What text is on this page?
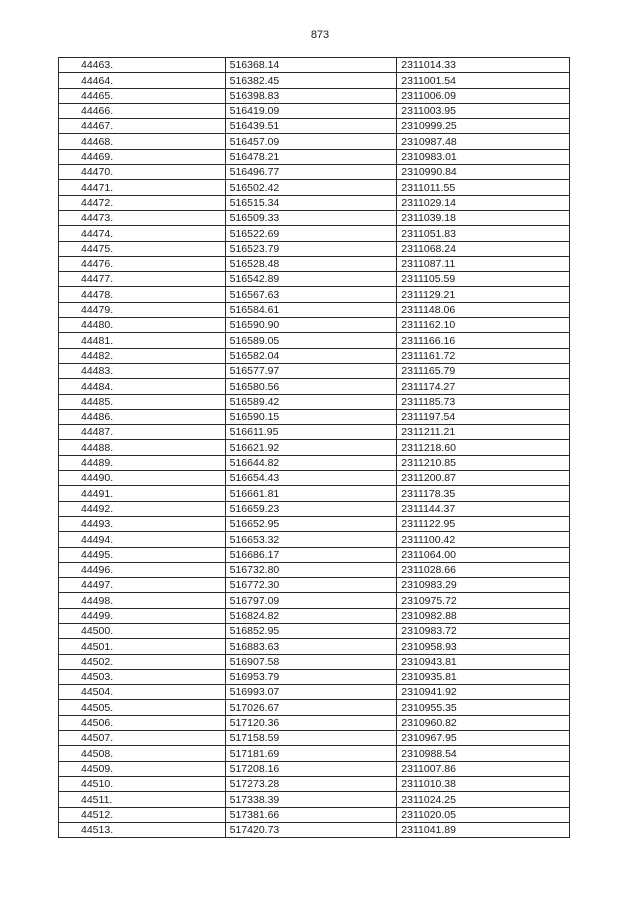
873
44463.	516368.14	2311014.33
44464.	516382.45	2311001.54
44465.	516398.83	2311006.09
44466.	516419.09	2311003.95
44467.	516439.51	2310999.25
44468.	516457.09	2310987.48
44469.	516478.21	2310983.01
44470.	516496.77	2310990.84
44471.	516502.42	2311011.55
44472.	516515.34	2311029.14
44473.	516509.33	2311039.18
44474.	516522.69	2311051.83
44475.	516523.79	2311068.24
44476.	516528.48	2311087.11
44477.	516542.89	2311105.59
44478.	516567.63	2311129.21
44479.	516584.61	2311148.06
44480.	516590.90	2311162.10
44481.	516589.05	2311166.16
44482.	516582.04	2311161.72
44483.	516577.97	2311165.79
44484.	516580.56	2311174.27
44485.	516589.42	2311185.73
44486.	516590.15	2311197.54
44487.	516611.95	2311211.21
44488.	516621.92	2311218.60
44489.	516644.82	2311210.85
44490.	516654.43	2311200.87
44491.	516661.81	2311178.35
44492.	516659.23	2311144.37
44493.	516652.95	2311122.95
44494.	516653.32	2311100.42
44495.	516686.17	2311064.00
44496.	516732.80	2311028.66
44497.	516772.30	2310983.29
44498.	516797.09	2310975.72
44499.	516824.82	2310982.88
44500.	516852.95	2310983.72
44501.	516883.63	2310958.93
44502.	516907.58	2310943.81
44503.	516953.79	2310935.81
44504.	516993.07	2310941.92
44505.	517026.67	2310955.35
44506.	517120.36	2310960.82
44507.	517158.59	2310967.95
44508.	517181.69	2310988.54
44509.	517208.16	2311007.86
44510.	517273.28	2311010.38
44511.	517338.39	2311024.25
44512.	517381.66	2311020.05
44513.	517420.73	2311041.89
